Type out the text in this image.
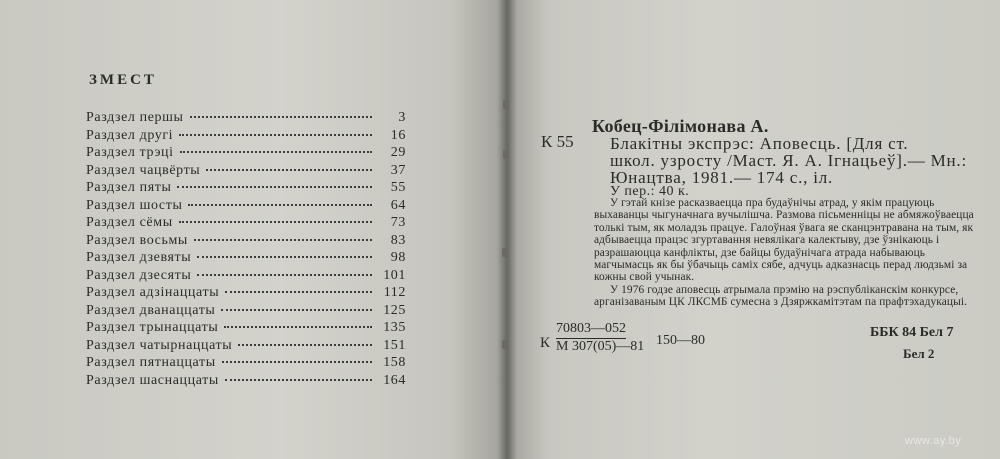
ЗМЕСТ
Раздзел першы	3
Раздзел другі	16
Раздзел трэці	29
Раздзел чацвёрты	37
Раздзел пяты	55
Раздзел шосты	64
Раздзел сёмы	73
Раздзел восьмы	83
Раздзел дзевяты	98
Раздзел дзесяты	101
Раздзел адзінаццаты	112
Раздзел дванаццаты	125
Раздзел трынаццаты	135
Раздзел чатырнаццаты	151
Раздзел пятнаццаты	158
Раздзел шаснаццаты	164
К 55
Кобец-Філімонава А.
Блакітны экспрэс: Аповесць. [Для ст.
школ. узросту /Маст. Я. А. Ігнацьеў].— Мн.:
Юнацтва, 1981.— 174 с., іл.
У пер.: 40 к.

У гэтай кнізе расказваецца пра будаўнічы атрад, у якім працуюць выхаванцы чыгуначнага вучылішча. Размова пісьменніцы не абмяжоўваецца толькі тым, як моладзь працуе. Галоўная ўвага яе сканцэнтравана на тым, як адбываецца працэс згуртавання невялікага калектыву, дзе ўзнікаюць і разрашаюцца канфлікты, дзе байцы будаўнічага атрада набываюць магчымасць як бы ўбачыць самiх сябе, адчуць адказнасць перад людзьмі за кожны свой учынак.

У 1976 годзе аповесць атрымала прэмію на рэспубліканскім конкурсе, арганізаваным ЦК ЛКСМБ сумесна з Дзяржкамітэтам па прафтэхадукацыі.

К
70803—052
М 307(05)—81 150—80
ББК 84 Бел 7
Бел 2
www.ay.by
